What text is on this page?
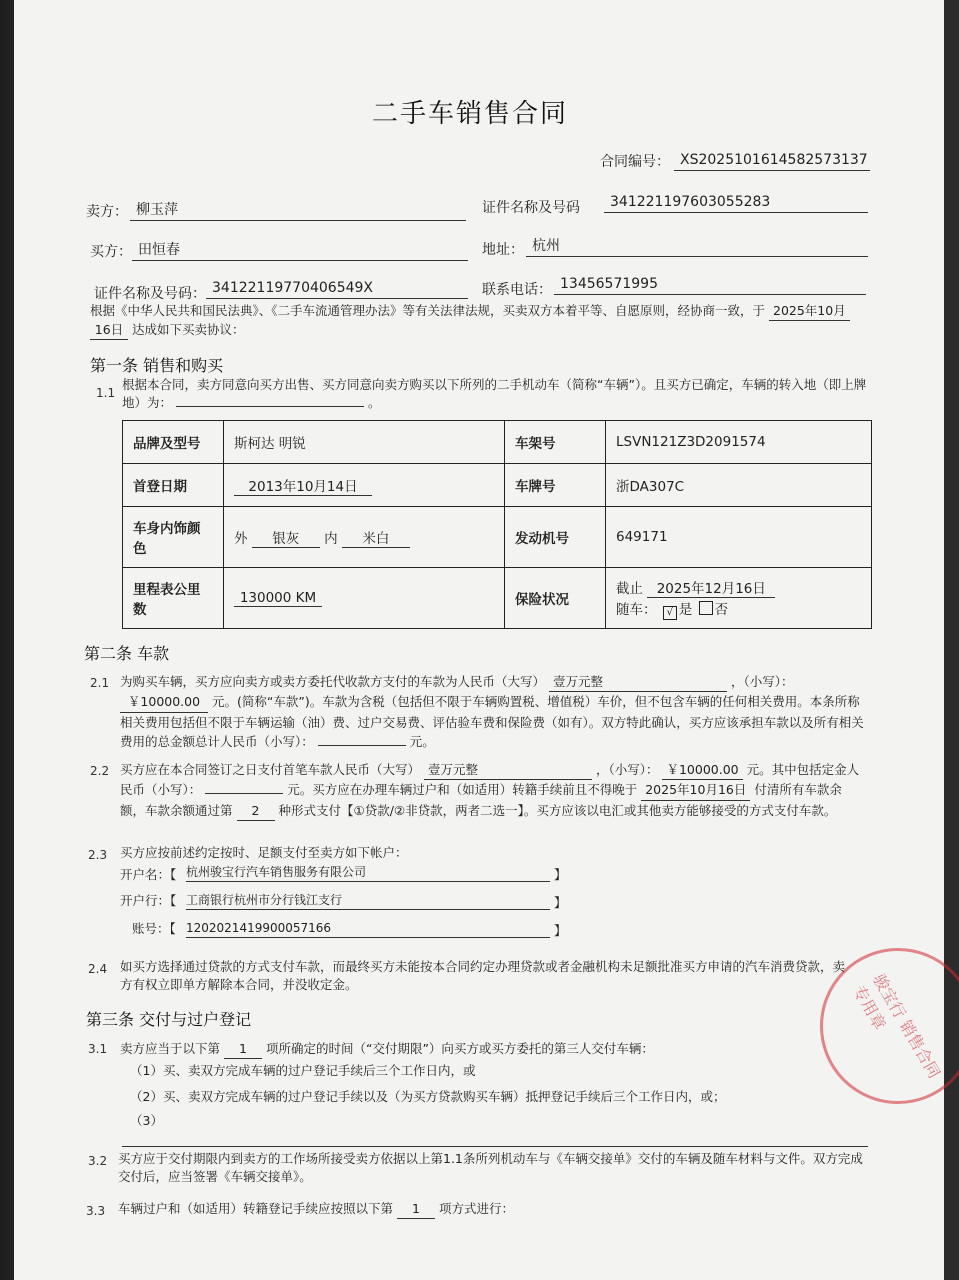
二手车销售合同
合同编号： XS2025101614582573137
卖方： 柳玉萍	证件名称及号码	341221197603055283
买方： 田恒春	地址： 杭州
证件名称及号码： 34122119770406549X	联系电话： 13456571995
根据《中华人民共和国民法典》、《二手车流通管理办法》等有关法律法规，买卖双方本着平等、自愿原则，经协商一致，于 2025年10月
16日 达成如下买卖协议：
第一条 销售和购买
1.1
根据本合同，卖方同意向买方出售、买方同意向卖方购买以下所列的二手机动车（简称“车辆”）。且买方已确定，车辆的转入地（即上牌地）为：	。
品牌及型号	斯柯达 明锐	车架号	LSVN121Z3D2091574
首登日期	2013年10月14日	车牌号	浙DA307C
车身内饰颜色	外 银灰 内 米白	发动机号	649171
里程表公里数	130000 KM	保险状况	截止 2025年12月16日
随车： √ 是 否
第二条 车款
2.1 为购买车辆，买方应向卖方或卖方委托代收款方支付的车款为人民币（大写） 壹万元整	，（小写）： ￥10000.00 元。(简称“车款”)。车款为含税（包括但不限于车辆购置税、增值税）车价，但不包含车辆的任何相关费用。本条所称相关费用包括但不限于车辆运输（油）费、过户交易费、评估验车费和保险费（如有）。双方特此确认，买方应该承担车款以及所有相关费用的总金额总计人民币（小写）：	元。
2.2 买方应在本合同签订之日支付首笔车款人民币（大写） 壹万元整	，（小写）： ￥10000.00 元。其中包括定金人民币（小写）：	元。买方应在办理车辆过户和（如适用）转籍手续前且不得晚于 2025年10月16日 付清所有车款余额，车款余额通过第 2 种形式支付【①贷款/②非贷款，两者二选一】。买方应该以电汇或其他卖方能够接受的方式支付车款。
2.3 买方应按前述约定按时、足额支付至卖方如下帐户：
开户名：【 杭州骏宝行汽车销售服务有限公司	】
开户行：【 工商银行杭州市分行钱江支行	】
账号：【 1202021419900057166	】
2.4 如买方选择通过贷款的方式支付车款，而最终买方未能按本合同约定办理贷款或者金融机构未足额批准买方申请的汽车消费贷款，卖方有权立即单方解除本合同，并没收定金。
第三条 交付与过户登记
3.1 卖方应当于以下第 1 项所确定的时间（“交付期限”）向买方或买方委托的第三人交付车辆：
（1）买、卖双方完成车辆的过户登记手续后三个工作日内，或
（2）买、卖双方完成车辆的过户登记手续以及（为买方贷款购买车辆）抵押登记手续后三个工作日内，或；
（3）
3.2 买方应于交付期限内到卖方的工作场所接受卖方依据以上第1.1条所列机动车与《车辆交接单》交付的车辆及随车材料与文件。双方完成交付后，应当签署《车辆交接单》。
3.3 车辆过户和（如适用）转籍登记手续应按照以下第 1 项方式进行：
骏宝行 销售合同专用章
